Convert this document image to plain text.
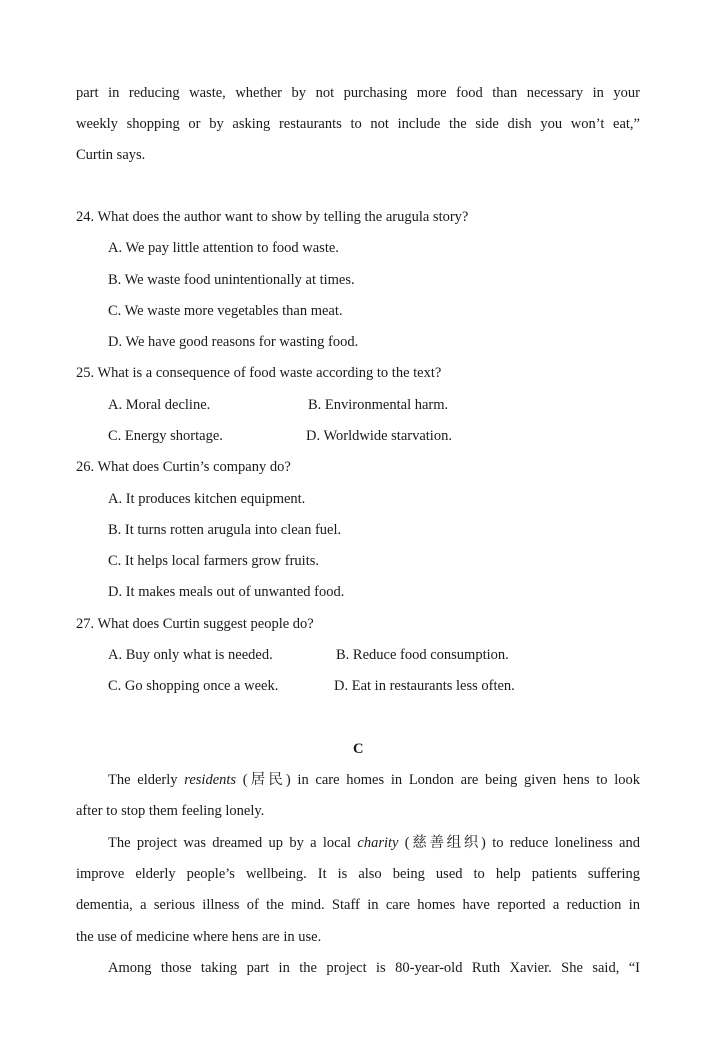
part in reducing waste, whether by not purchasing more food than necessary in your
weekly shopping or by asking restaurants to not include the side dish you won’t eat,”
Curtin says.
24. What does the author want to show by telling the arugula story?
A. We pay little attention to food waste.
B. We waste food unintentionally at times.
C. We waste more vegetables than meat.
D. We have good reasons for wasting food.
25. What is a consequence of food waste according to the text?
A. Moral decline.	B. Environmental harm.
C. Energy shortage.	D. Worldwide starvation.
26. What does Curtin’s company do?
A. It produces kitchen equipment.
B. It turns rotten arugula into clean fuel.
C. It helps local farmers grow fruits.
D. It makes meals out of unwanted food.
27. What does Curtin suggest people do?
A. Buy only what is needed.	B. Reduce food consumption.
C. Go shopping once a week.	D. Eat in restaurants less often.
C
The elderly residents (居民) in care homes in London are being given hens to look
after to stop them feeling lonely.
The project was dreamed up by a local charity (慈善组织) to reduce loneliness and
improve elderly people’s wellbeing. It is also being used to help patients suffering
dementia, a serious illness of the mind. Staff in care homes have reported a reduction in
the use of medicine where hens are in use.
Among those taking part in the project is 80-year-old Ruth Xavier. She said, “I
